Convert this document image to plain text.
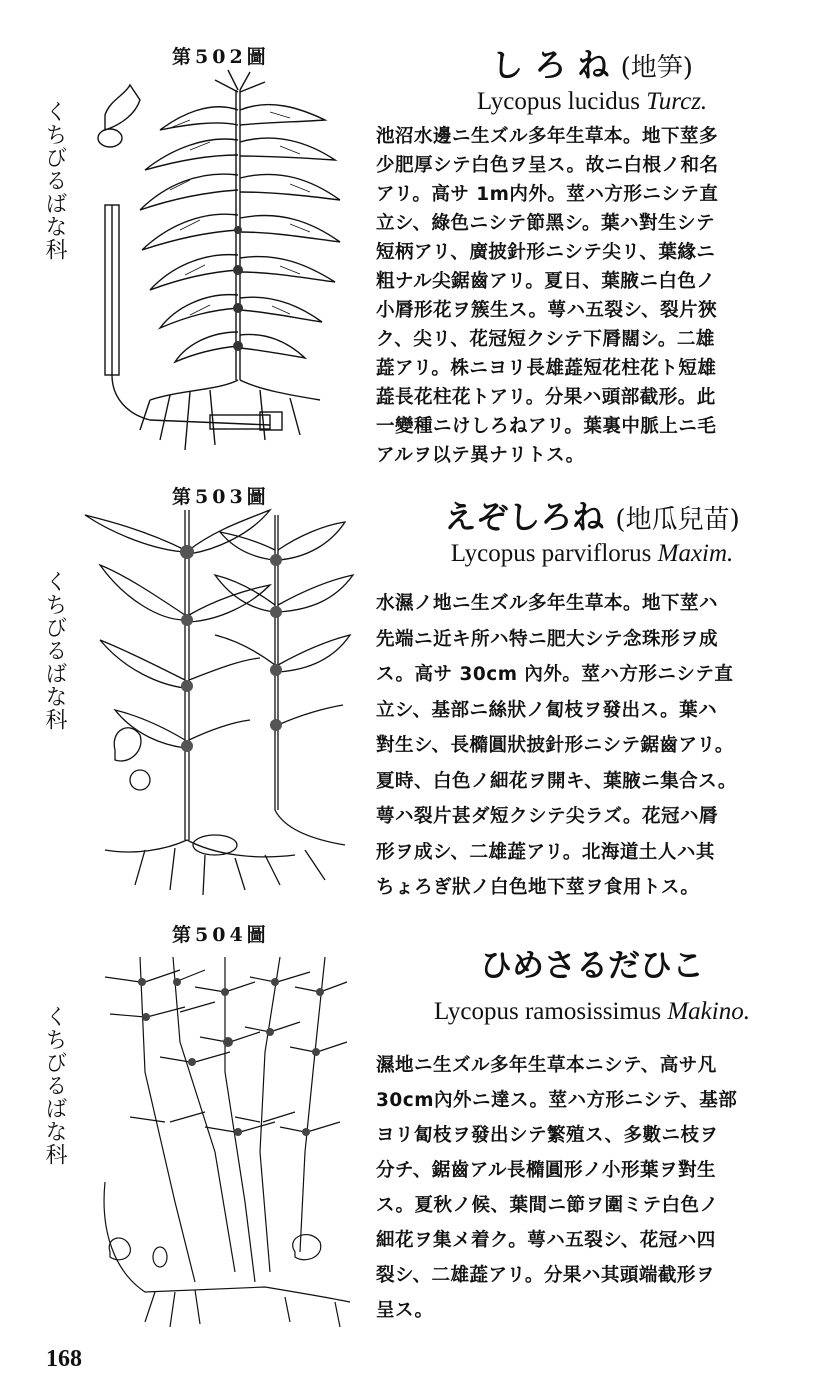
第502圖
くちびるばな科
し ろ ね (地笋)
Lycopus lucidus Turcz.
池沼水邊ニ生ズル多年生草本。地下莖多
少肥厚シテ白色ヲ呈ス。故ニ白根ノ和名
アリ。高サ 1m内外。莖ハ方形ニシテ直
立シ、綠色ニシテ節黑シ。葉ハ對生シテ
短柄アリ、廣披針形ニシテ尖リ、葉緣ニ
粗ナル尖鋸齒アリ。夏日、葉腋ニ白色ノ
小脣形花ヲ簇生ス。萼ハ五裂シ、裂片狹
ク、尖リ、花冠短クシテ下脣闊シ。二雄
蕋アリ。株ニヨリ長雄蕋短花柱花ト短雄
蕋長花柱花トアリ。分果ハ頭部截形。此
一變種ニけしろねアリ。葉裏中脈上ニ毛
アルヲ以テ異ナリトス。
第503圖
くちびるばな科
えぞしろね (地瓜兒苗)
Lycopus parviflorus Maxim.
水濕ノ地ニ生ズル多年生草本。地下莖ハ
先端ニ近キ所ハ特ニ肥大シテ念珠形ヲ成
ス。高サ 30cm 內外。莖ハ方形ニシテ直
立シ、基部ニ絲狀ノ匐枝ヲ發出ス。葉ハ
對生シ、長橢圓狀披針形ニシテ鋸齒アリ。
夏時、白色ノ細花ヲ開キ、葉腋ニ集合ス。
萼ハ裂片甚ダ短クシテ尖ラズ。花冠ハ脣
形ヲ成シ、二雄蕋アリ。北海道土人ハ其
ちょろぎ狀ノ白色地下莖ヲ食用トス。
第504圖
くちびるばな科
ひめさるだひこ
Lycopus ramosissimus Makino.
濕地ニ生ズル多年生草本ニシテ、高サ凡
30cm內外ニ達ス。莖ハ方形ニシテ、基部
ヨリ匐枝ヲ發出シテ繁殖ス、多數ニ枝ヲ
分チ、鋸齒アル長橢圓形ノ小形葉ヲ對生
ス。夏秋ノ候、葉間ニ節ヲ圍ミテ白色ノ
細花ヲ集メ着ク。萼ハ五裂シ、花冠ハ四
裂シ、二雄蕋アリ。分果ハ其頭端截形ヲ
呈ス。
168
